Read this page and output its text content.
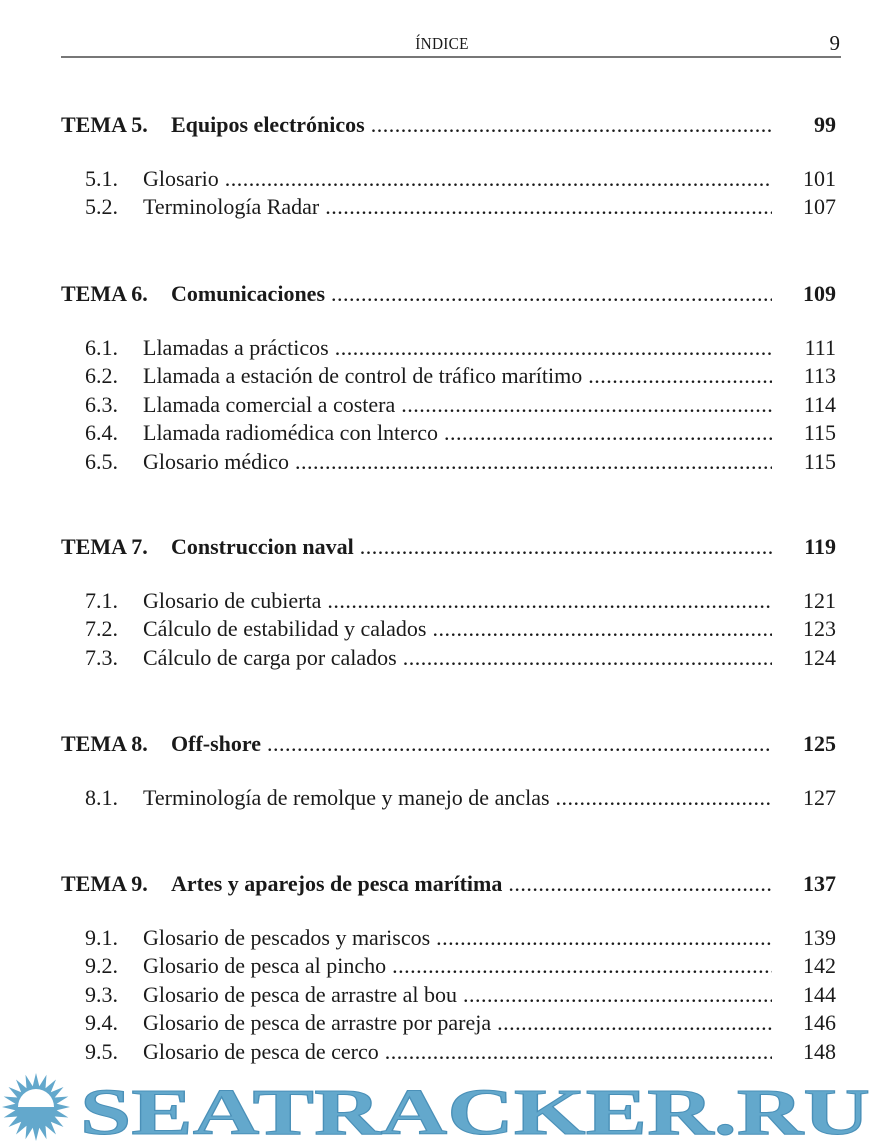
ÍNDICE	9
TEMA 5. Equipos electrónicos .....	99
5.1. Glosario .....	101
5.2. Terminología Radar .....	107
TEMA 6. Comunicaciones .....	109
6.1. Llamadas a prácticos .....	111
6.2. Llamada a estación de control de tráfico marítimo .....	113
6.3. Llamada comercial a costera .....	114
6.4. Llamada radiomédica con lnterco .....	115
6.5. Glosario médico .....	115
TEMA 7. Construccion naval .....	119
7.1. Glosario de cubierta .....	121
7.2. Cálculo de estabilidad y calados .....	123
7.3. Cálculo de carga por calados .....	124
TEMA 8. Off-shore .....	125
8.1. Terminología de remolque y manejo de anclas .....	127
TEMA 9. Artes y aparejos de pesca marítima .....	137
9.1. Glosario de pescados y mariscos .....	139
9.2. Glosario de pesca al pincho .....	142
9.3. Glosario de pesca de arrastre al bou .....	144
9.4. Glosario de pesca de arrastre por pareja .....	146
9.5. Glosario de pesca de cerco .....	148
SEATRACKER.RU
